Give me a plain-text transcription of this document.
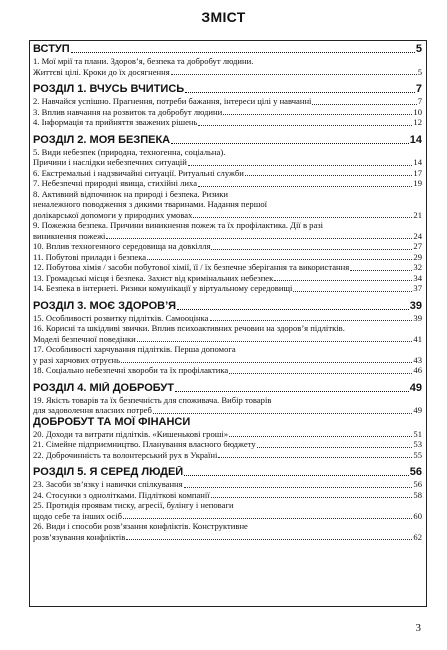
ЗМІСТ
ВСТУП	5
1. Мої мрії та плани. Здоров’я, безпека та добробут людини.
Життєві цілі. Кроки до їх досягнення	5
РОЗДІЛ 1. ВЧУСЬ ВЧИТИСЬ	7
2. Навчайся успішно. Прагнення, потреби бажання, інтереси цілі у навчанні	7
3. Вплив навчання на розвиток та добробут людини	10
4. Інформація та прийняття зважених рішень	12
РОЗДІЛ 2. МОЯ БЕЗПЕКА	14
5. Види небезпек (природна, техногенна, соціальна).
Причини і наслідки небезпечних ситуацій	14
6. Екстремальні і надзвичайні ситуації. Ритуальні служби	17
7. Небезпечні природні явища, стихійні лиха	19
8. Активний відпочинок на природі і безпека. Ризики
неналежного поводження з дикими тваринами. Надання першої
долікарської допомоги у природних умовах	21
9. Пожежна безпека. Причини виникнення пожеж та їх профілактика. Дії в разі
виникнення пожежі	24
10. Вплив техногенного середовища на довкілля	27
11. Побутові прилади і безпека	29
12. Побутова хімія / засоби побутової хімії, її / їх безпечне зберігання та використання	32
13. Громадські місця і безпека. Захист від кримінальних небезпек	34
14. Безпека в інтернеті. Ризики комунікації у віртуальному середовищі	37
РОЗДІЛ 3. МОЄ ЗДОРОВ’Я	39
15. Особливості розвитку підлітків. Самооцінка	39
16. Корисні та шкідливі звички. Вплив психоактивних речовин на здоров’я підлітків.
Моделі безпечної поведінки	41
17. Особливості харчування підлітків. Перша допомога
у разі харчових отруєнь	43
18. Соціально небезпечні хвороби та їх профілактика	46
РОЗДІЛ 4. МІЙ ДОБРОБУТ	49
19. Якість товарів та їх безпечність для споживача. Вибір товарів
для задоволення власних потреб	49
ДОБРОБУТ ТА МОЇ ФІНАНСИ
20. Доходи та витрати підлітків. «Кишенькові гроші»	51
21. Сімейне підприємництво. Планування власного бюджету	53
22. Доброчинність та волонтерський рух в Україні	55
РОЗДІЛ 5. Я СЕРЕД ЛЮДЕЙ	56
23. Засоби зв’язку і навички спілкування	56
24. Стосунки з однолітками. Підліткові компанії	58
25. Протидія проявам тиску, агресії, булінгу і неповаги
щодо себе та інших осіб	60
26. Види і способи розв’язання конфліктів. Конструктивне
розв’язування конфліктів	62
3
